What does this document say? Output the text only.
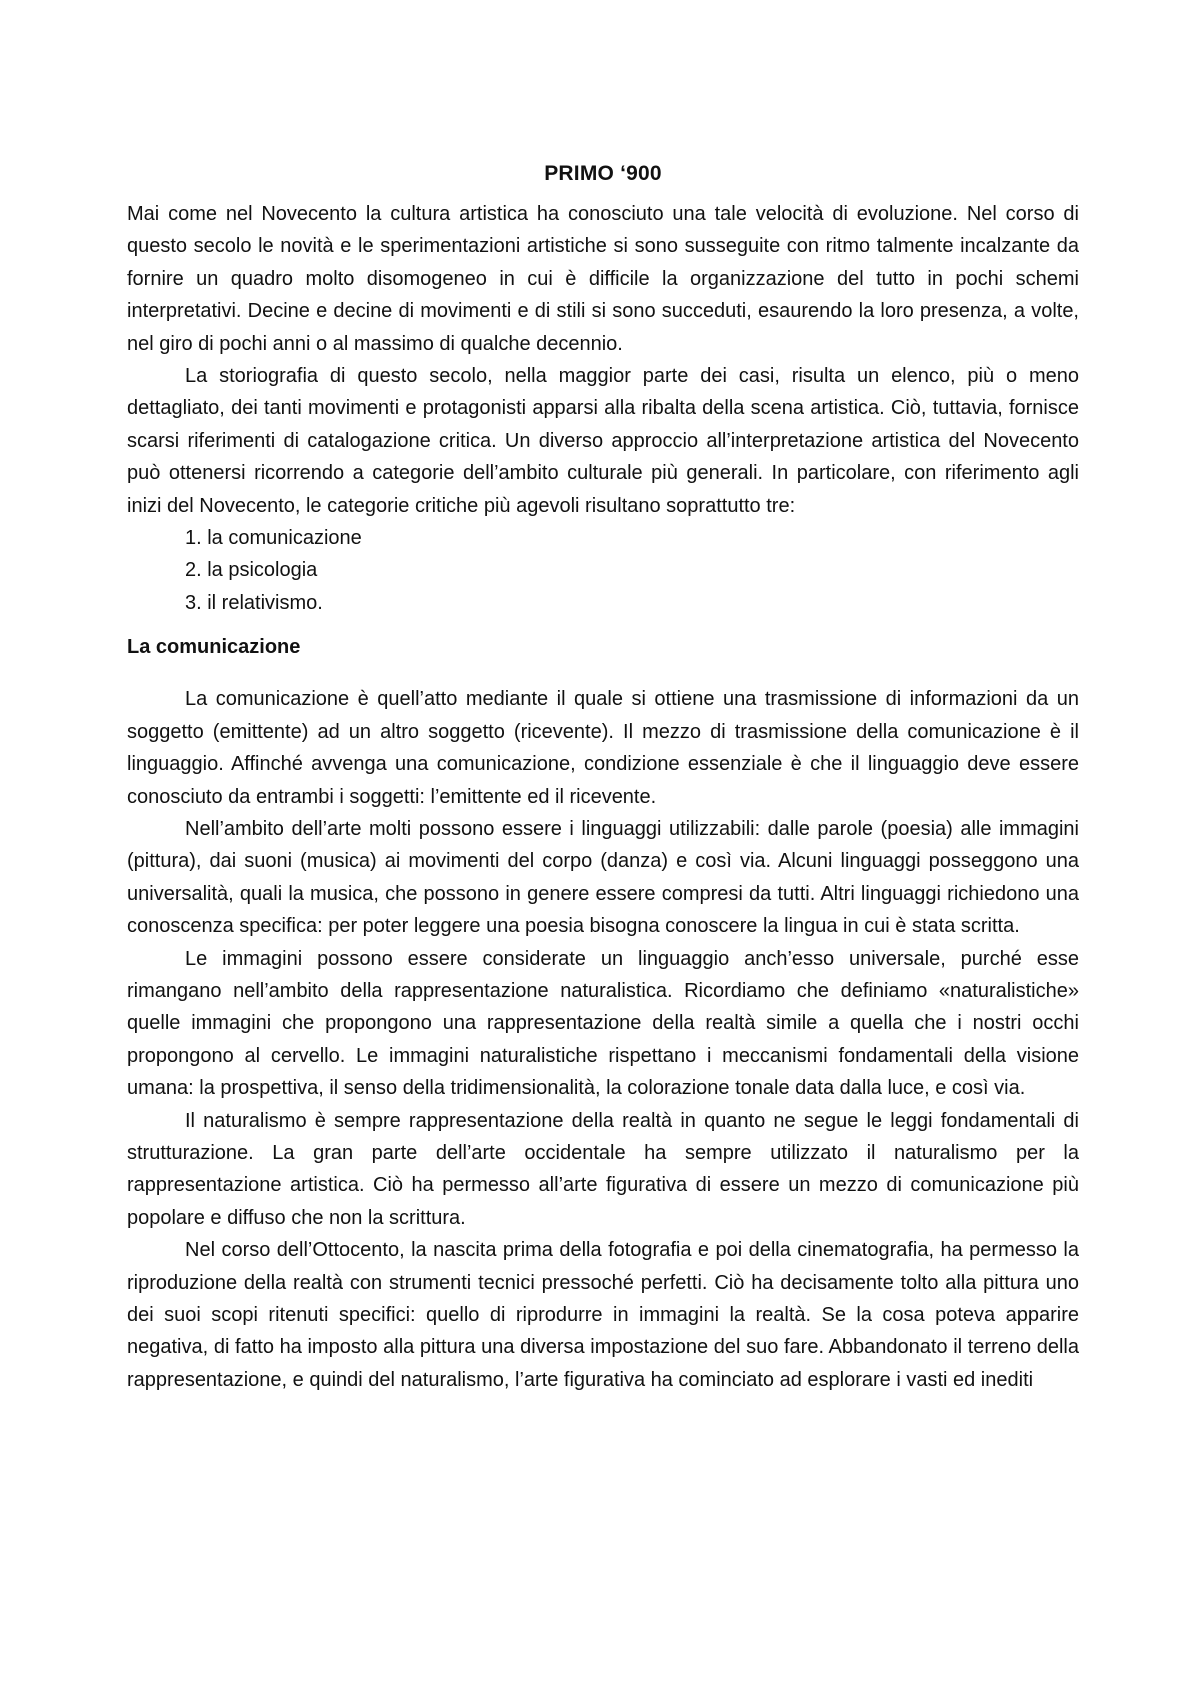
PRIMO ‘900

Mai come nel Novecento la cultura artistica ha conosciuto una tale velocità di evoluzione. Nel corso di questo secolo le novità e le sperimentazioni artistiche si sono susseguite con ritmo talmente incalzante da fornire un quadro molto disomogeneo in cui è difficile la organizzazione del tutto in pochi schemi interpretativi. Decine e decine di movimenti e di stili si sono succeduti, esaurendo la loro presenza, a volte, nel giro di pochi anni o al massimo di qualche decennio.

La storiografia di questo secolo, nella maggior parte dei casi, risulta un elenco, più o meno dettagliato, dei tanti movimenti e protagonisti apparsi alla ribalta della scena artistica. Ciò, tuttavia, fornisce scarsi riferimenti di catalogazione critica. Un diverso approccio all’interpretazione artistica del Novecento può ottenersi ricorrendo a categorie dell’ambito culturale più generali. In particolare, con riferimento agli inizi del Novecento, le categorie critiche più agevoli risultano soprattutto tre:

1. la comunicazione
2. la psicologia
3. il relativismo.
La comunicazione

La comunicazione è quell’atto mediante il quale si ottiene una trasmissione di informazioni da un soggetto (emittente) ad un altro soggetto (ricevente). Il mezzo di trasmissione della comunicazione è il linguaggio. Affinché avvenga una comunicazione, condizione essenziale è che il linguaggio deve essere conosciuto da entrambi i soggetti: l’emittente ed il ricevente.

Nell’ambito dell’arte molti possono essere i linguaggi utilizzabili: dalle parole (poesia) alle immagini (pittura), dai suoni (musica) ai movimenti del corpo (danza) e così via. Alcuni linguaggi posseggono una universalità, quali la musica, che possono in genere essere compresi da tutti. Altri linguaggi richiedono una conoscenza specifica: per poter leggere una poesia bisogna conoscere la lingua in cui è stata scritta.

Le immagini possono essere considerate un linguaggio anch’esso universale, purché esse rimangano nell’ambito della rappresentazione naturalistica. Ricordiamo che definiamo «naturalistiche» quelle immagini che propongono una rappresentazione della realtà simile a quella che i nostri occhi propongono al cervello. Le immagini naturalistiche rispettano i meccanismi fondamentali della visione umana: la prospettiva, il senso della tridimensionalità, la colorazione tonale data dalla luce, e così via.

Il naturalismo è sempre rappresentazione della realtà in quanto ne segue le leggi fondamentali di strutturazione. La gran parte dell’arte occidentale ha sempre utilizzato il naturalismo per la rappresentazione artistica. Ciò ha permesso all’arte figurativa di essere un mezzo di comunicazione più popolare e diffuso che non la scrittura.

Nel corso dell’Ottocento, la nascita prima della fotografia e poi della cinematografia, ha permesso la riproduzione della realtà con strumenti tecnici pressoché perfetti. Ciò ha decisamente tolto alla pittura uno dei suoi scopi ritenuti specifici: quello di riprodurre in immagini la realtà. Se la cosa poteva apparire negativa, di fatto ha imposto alla pittura una diversa impostazione del suo fare. Abbandonato il terreno della rappresentazione, e quindi del naturalismo, l’arte figurativa ha cominciato ad esplorare i vasti ed inediti
